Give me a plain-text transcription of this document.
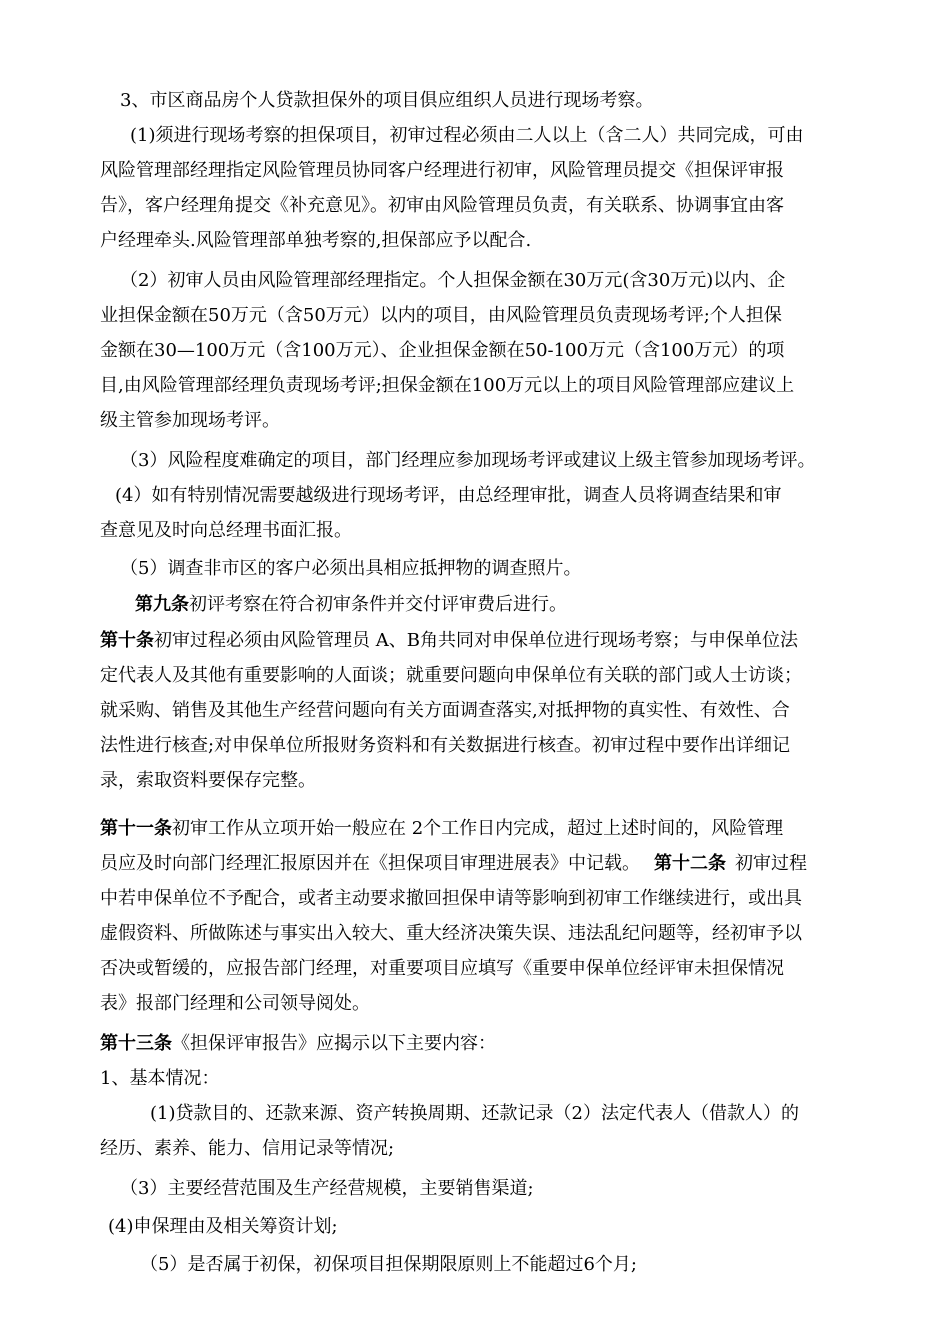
3、市区商品房个人贷款担保外的项目俱应组织人员进行现场考察。
(1)须进行现场考察的担保项目，初审过程必须由二人以上（含二人）共同完成，可由
风险管理部经理指定风险管理员协同客户经理进行初审，风险管理员提交《担保评审报
告》，客户经理角提交《补充意见》。初审由风险管理员负责，有关联系、协调事宜由客
户经理牵头.风险管理部单独考察的,担保部应予以配合.
（2）初审人员由风险管理部经理指定。个人担保金额在30万元(含30万元)以内、企
业担保金额在50万元（含50万元）以内的项目，由风险管理员负责现场考评;个人担保
金额在30—100万元（含100万元）、企业担保金额在50-100万元（含100万元）的项
目,由风险管理部经理负责现场考评;担保金额在100万元以上的项目风险管理部应建议上
级主管参加现场考评。
（3）风险程度难确定的项目，部门经理应参加现场考评或建议上级主管参加现场考评。
(4）如有特别情况需要越级进行现场考评，由总经理审批，调查人员将调查结果和审
查意见及时向总经理书面汇报。
（5）调查非市区的客户必须出具相应抵押物的调查照片。
第九条初评考察在符合初审条件并交付评审费后进行。
第十条初审过程必须由风险管理员 A、B角共同对申保单位进行现场考察；与申保单位法
定代表人及其他有重要影响的人面谈；就重要问题向申保单位有关联的部门或人士访谈；
就采购、销售及其他生产经营问题向有关方面调查落实,对抵押物的真实性、有效性、合
法性进行核查;对申保单位所报财务资料和有关数据进行核查。初审过程中要作出详细记
录，索取资料要保存完整。
第十一条初审工作从立项开始一般应在 2个工作日内完成，超过上述时间的，风险管理
员应及时向部门经理汇报原因并在《担保项目审理进展表》中记载。 第十二条 初审过程
中若申保单位不予配合，或者主动要求撤回担保申请等影响到初审工作继续进行，或出具
虚假资料、所做陈述与事实出入较大、重大经济决策失误、违法乱纪问题等，经初审予以
否决或暂缓的，应报告部门经理，对重要项目应填写《重要申保单位经评审未担保情况
表》报部门经理和公司领导阅处。
第十三条《担保评审报告》应揭示以下主要内容：
1、基本情况：
(1)贷款目的、还款来源、资产转换周期、还款记录（2）法定代表人（借款人）的
经历、素养、能力、信用记录等情况;
（3）主要经营范围及生产经营规模，主要销售渠道;
(4)申保理由及相关筹资计划;
（5）是否属于初保，初保项目担保期限原则上不能超过6个月;
